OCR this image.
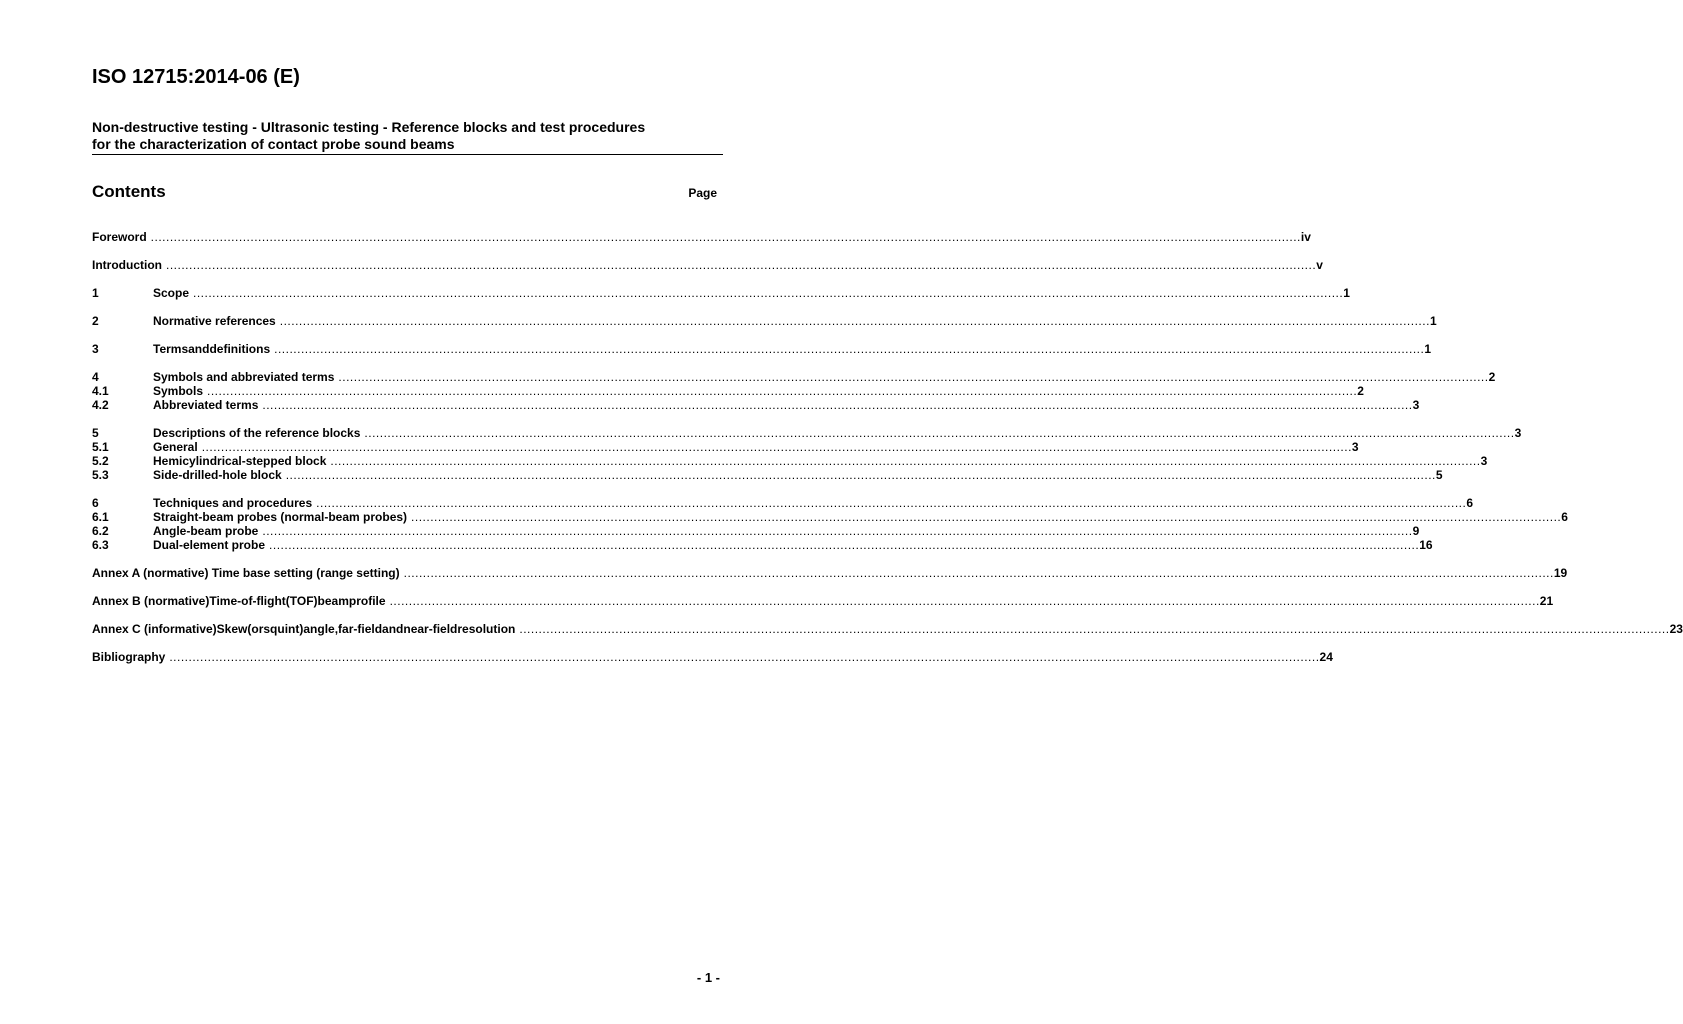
ISO 12715:2014-06 (E)
Non-destructive testing - Ultrasonic testing - Reference blocks and test procedures
for the characterization of contact probe sound beams
Contents	Page
Foreword ............................................................................................................................................................................................................................................................................................................ iv
Introduction ............................................................................................................................................................................................................................................................................................................ v
1	Scope ............................................................................................................................................................................................................................................................................................................ 1
2	Normative references ............................................................................................................................................................................................................................................................................................................ 1
3	Termsanddefinitions ............................................................................................................................................................................................................................................................................................................ 1
4	Symbols and abbreviated terms ............................................................................................................................................................................................................................................................................................................ 2
4.1	Symbols ............................................................................................................................................................................................................................................................................................................ 2
4.2	Abbreviated terms ............................................................................................................................................................................................................................................................................................................ 3
5	Descriptions of the reference blocks ............................................................................................................................................................................................................................................................................................................ 3
5.1	General ............................................................................................................................................................................................................................................................................................................ 3
5.2	Hemicylindrical-stepped block ............................................................................................................................................................................................................................................................................................................ 3
5.3	Side-drilled-hole block ............................................................................................................................................................................................................................................................................................................ 5
6	Techniques and procedures ............................................................................................................................................................................................................................................................................................................ 6
6.1	Straight-beam probes (normal-beam probes) ............................................................................................................................................................................................................................................................................................................ 6
6.2	Angle-beam probe ............................................................................................................................................................................................................................................................................................................ 9
6.3	Dual-element probe ............................................................................................................................................................................................................................................................................................................ 16
Annex A (normative) Time base setting (range setting) ............................................................................................................................................................................................................................................................................................................ 19
Annex B (normative)Time-of-flight(TOF)beamprofile ............................................................................................................................................................................................................................................................................................................ 21
Annex C (informative)Skew(orsquint)angle,far-fieldandnear-fieldresolution ............................................................................................................................................................................................................................................................................................................ 23
Bibliography ............................................................................................................................................................................................................................................................................................................ 24
- 1 -
